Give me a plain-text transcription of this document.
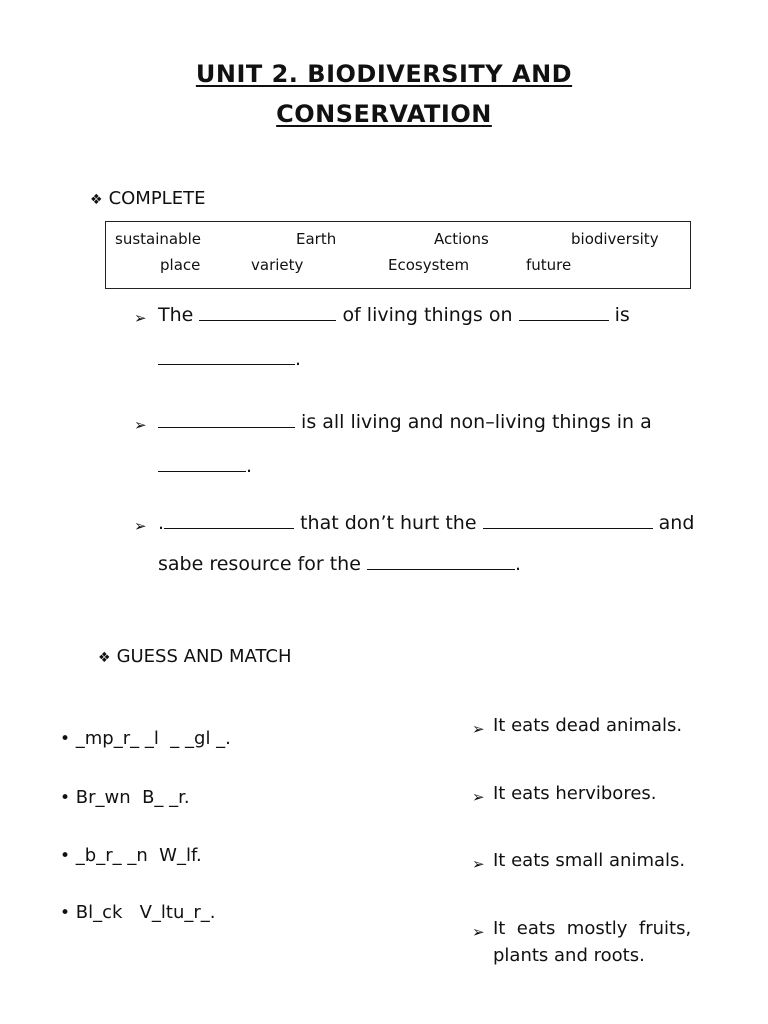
UNIT 2. BIODIVERSITY AND
CONSERVATION
❖ COMPLETE
sustainable	Earth	Actions	biodiversity
place	variety	Ecosystem	future
➢ The	of living things on	is
.
➢	is all living and non–living things in a
.
➢ .	that don’t hurt the	and
sabe resource for the	.
❖ GUESS AND MATCH
• _mp_r_ _l  _ _gl _.
• Br_wn  B_ _r.
• _b_r_ _n  W_lf.
• Bl_ck   V_ltu_r_.
➢ It eats dead animals.
➢ It eats hervibores.
➢ It eats small animals.
➢ It  eats  mostly  fruits,
plants and roots.
